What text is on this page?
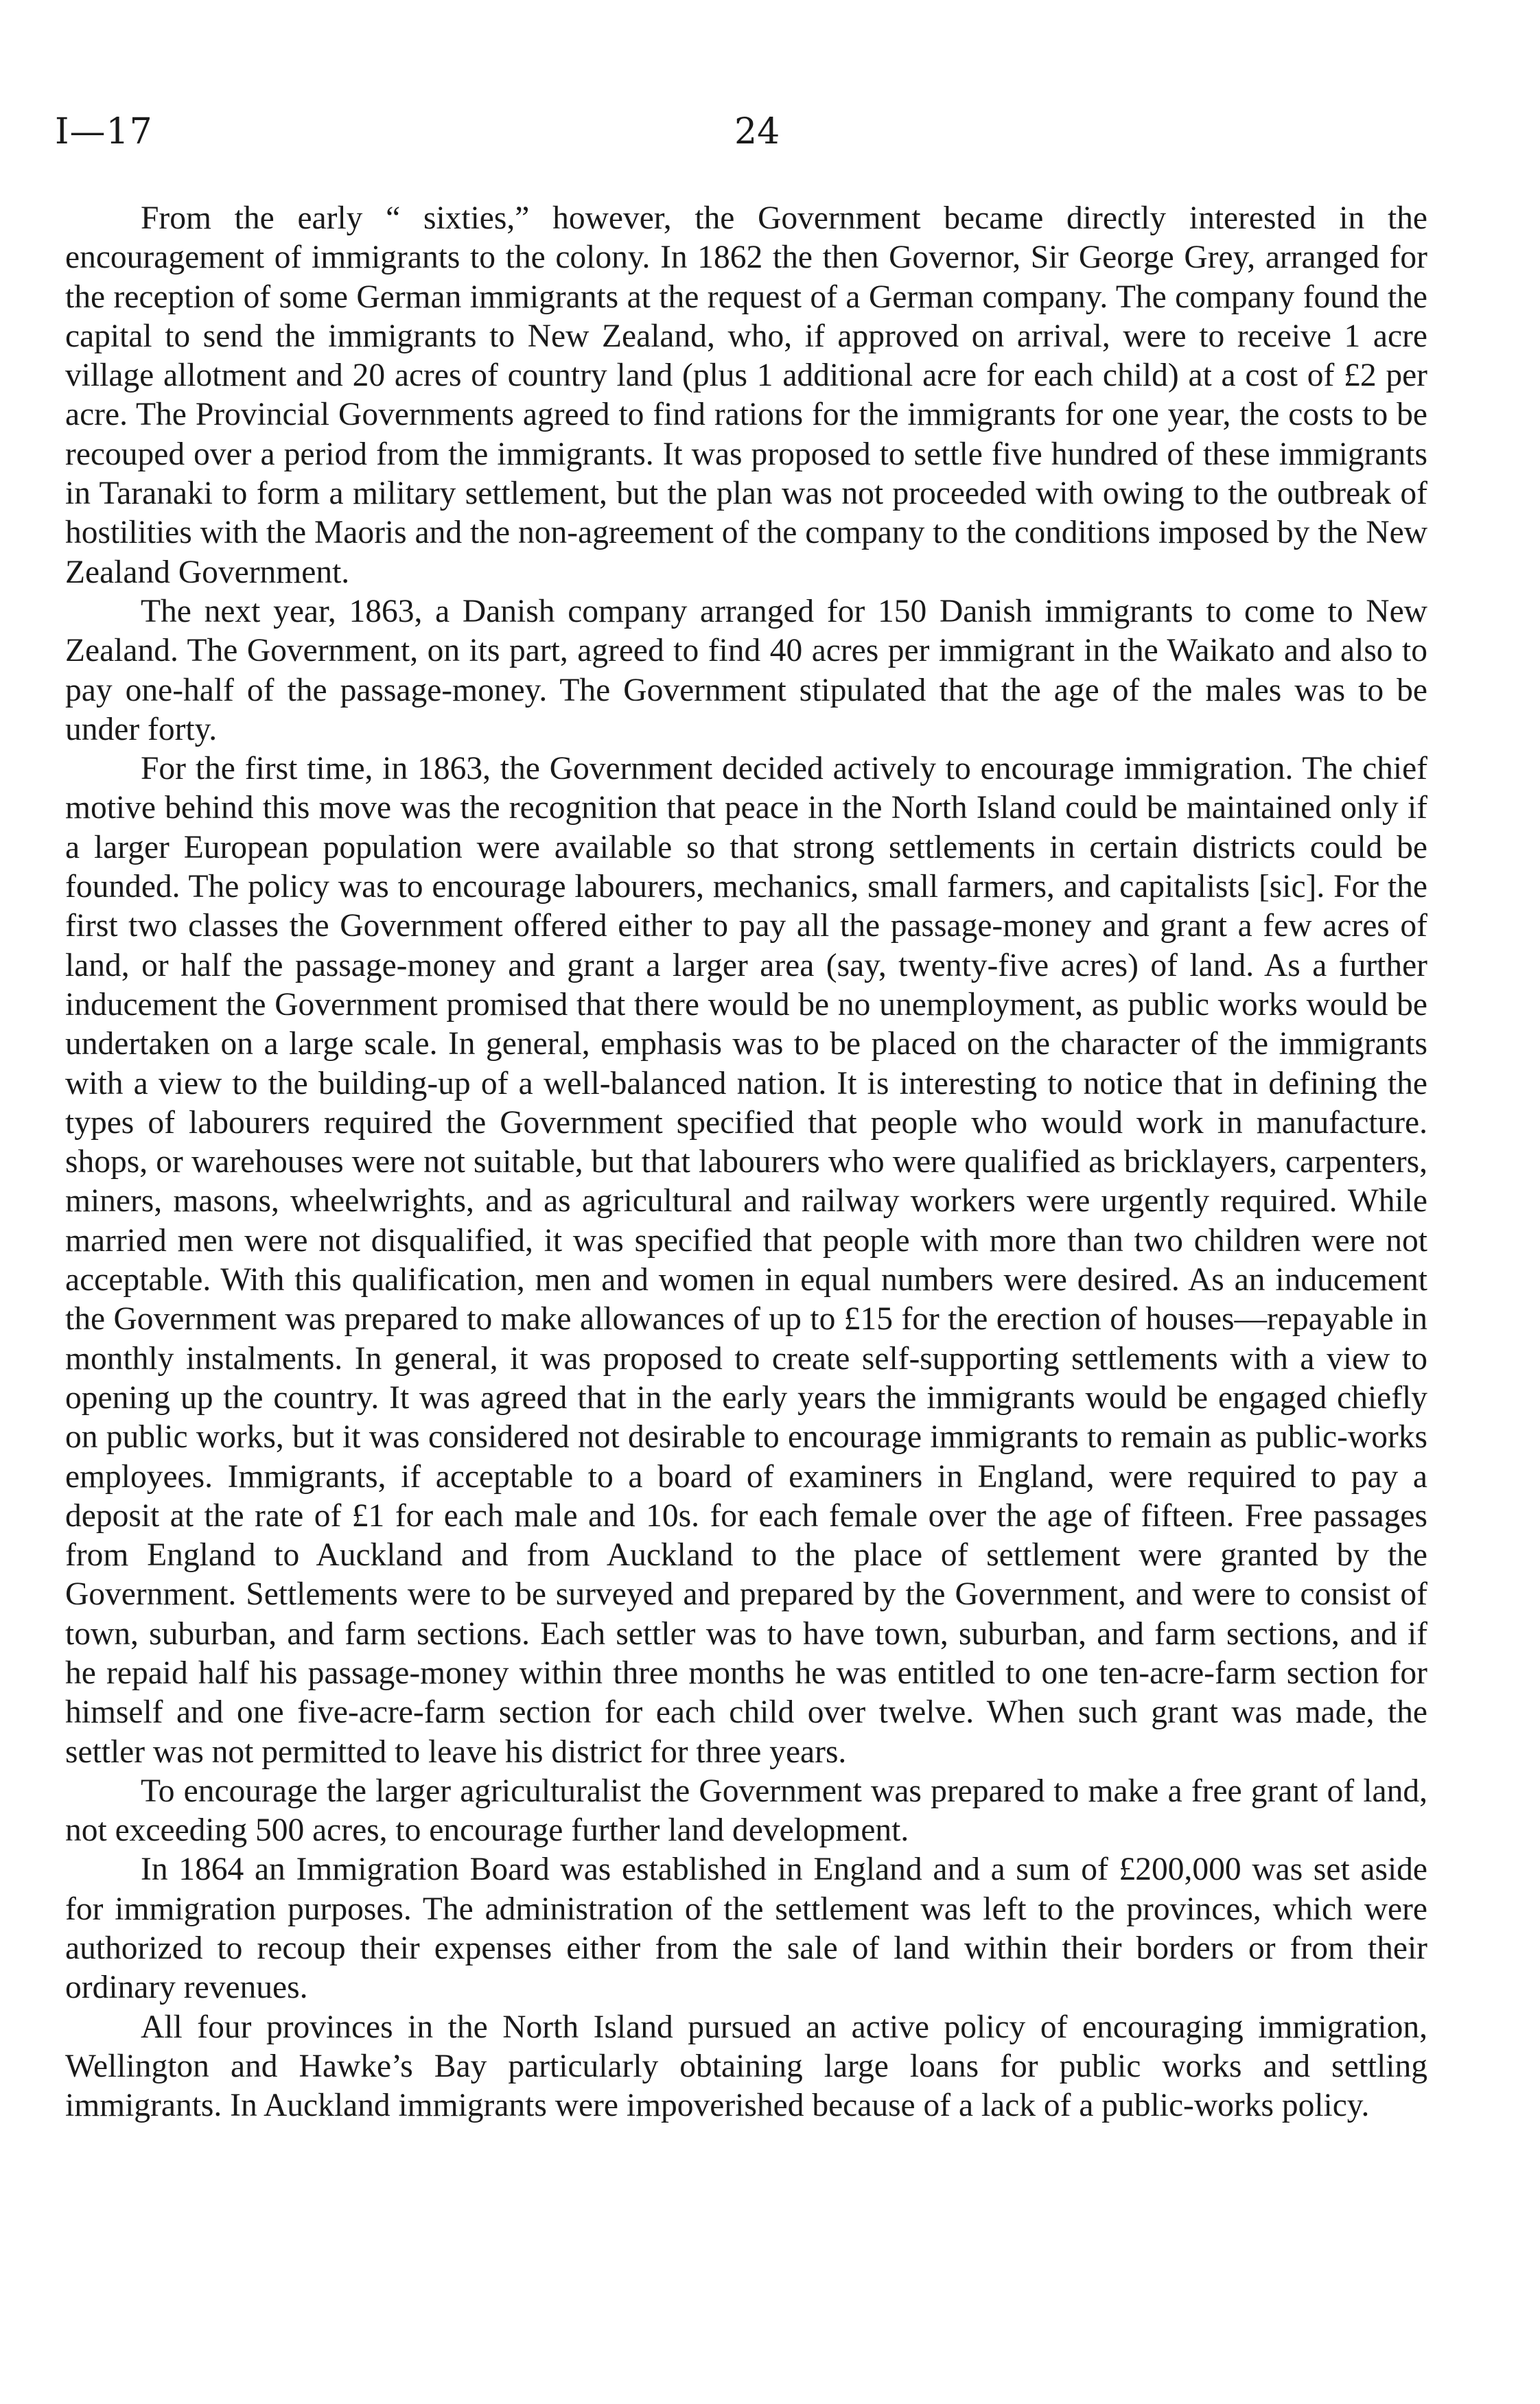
I—17	24

From the early “ sixties,” however, the Government became directly interested in the encouragement of immigrants to the colony. In 1862 the then Governor, Sir George Grey, arranged for the reception of some German immigrants at the request of a German company. The company found the capital to send the immigrants to New Zealand, who, if approved on arrival, were to receive 1 acre village allotment and 20 acres of country land (plus 1 additional acre for each child) at a cost of £2 per acre. The Provincial Governments agreed to find rations for the immigrants for one year, the costs to be recouped over a period from the immigrants. It was proposed to settle five hundred of these immigrants in Taranaki to form a military settlement, but the plan was not proceeded with owing to the outbreak of hostilities with the Maoris and the non-agreement of the company to the conditions imposed by the New Zealand Government.

The next year, 1863, a Danish company arranged for 150 Danish immigrants to come to New Zealand. The Government, on its part, agreed to find 40 acres per immigrant in the Waikato and also to pay one-half of the passage-money. The Government stipulated that the age of the males was to be under forty.

For the first time, in 1863, the Government decided actively to encourage immigration. The chief motive behind this move was the recognition that peace in the North Island could be maintained only if a larger European population were available so that strong settlements in certain districts could be founded. The policy was to encourage labourers, mechanics, small farmers, and capitalists [sic]. For the first two classes the Government offered either to pay all the passage-money and grant a few acres of land, or half the passage-money and grant a larger area (say, twenty-five acres) of land. As a further inducement the Government promised that there would be no unemployment, as public works would be undertaken on a large scale. In general, emphasis was to be placed on the character of the immigrants with a view to the building-up of a well-balanced nation. It is interesting to notice that in defining the types of labourers required the Government specified that people who would work in manufacture. shops, or warehouses were not suitable, but that labourers who were qualified as bricklayers, carpenters, miners, masons, wheelwrights, and as agricultural and railway workers were urgently required. While married men were not disqualified, it was specified that people with more than two children were not acceptable. With this qualification, men and women in equal numbers were desired. As an inducement the Government was prepared to make allowances of up to £15 for the erection of houses—repayable in monthly instalments. In general, it was proposed to create self-supporting settlements with a view to opening up the country. It was agreed that in the early years the immigrants would be engaged chiefly on public works, but it was considered not desirable to encourage immigrants to remain as public-works employees. Immigrants, if acceptable to a board of examiners in England, were required to pay a deposit at the rate of £1 for each male and 10s. for each female over the age of fifteen. Free passages from England to Auckland and from Auckland to the place of settlement were granted by the Government. Settlements were to be surveyed and prepared by the Government, and were to consist of town, suburban, and farm sections. Each settler was to have town, suburban, and farm sections, and if he repaid half his passage-money within three months he was entitled to one ten-acre-farm section for himself and one five-acre-farm section for each child over twelve. When such grant was made, the settler was not permitted to leave his district for three years.

To encourage the larger agriculturalist the Government was prepared to make a free grant of land, not exceeding 500 acres, to encourage further land development.

In 1864 an Immigration Board was established in England and a sum of £200,000 was set aside for immigration purposes. The administration of the settlement was left to the provinces, which were authorized to recoup their expenses either from the sale of land within their borders or from their ordinary revenues.

All four provinces in the North Island pursued an active policy of encouraging immigration, Wellington and Hawke’s Bay particularly obtaining large loans for public works and settling immigrants. In Auckland immigrants were impoverished because of a lack of a public-works policy.
